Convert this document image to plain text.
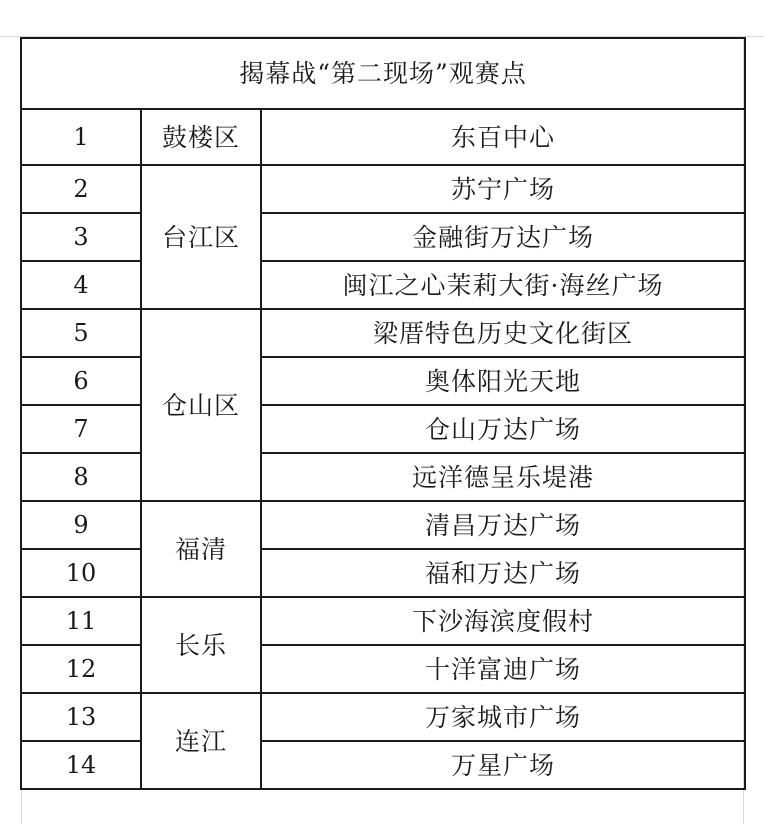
揭幕战“第二现场”观赛点		
1	鼓楼区	东百中心
2	台江区	苏宁广场
3		金融街万达广场
4		闽江之心茉莉大街·海丝广场
5	仓山区	梁厝特色历史文化街区
6		奥体阳光天地
7		仓山万达广场
8		远洋德呈乐堤港
9	福清	清昌万达广场
10		福和万达广场
11	长乐	下沙海滨度假村
12		十洋富迪广场
13	连江	万家城市广场
14		万星广场
